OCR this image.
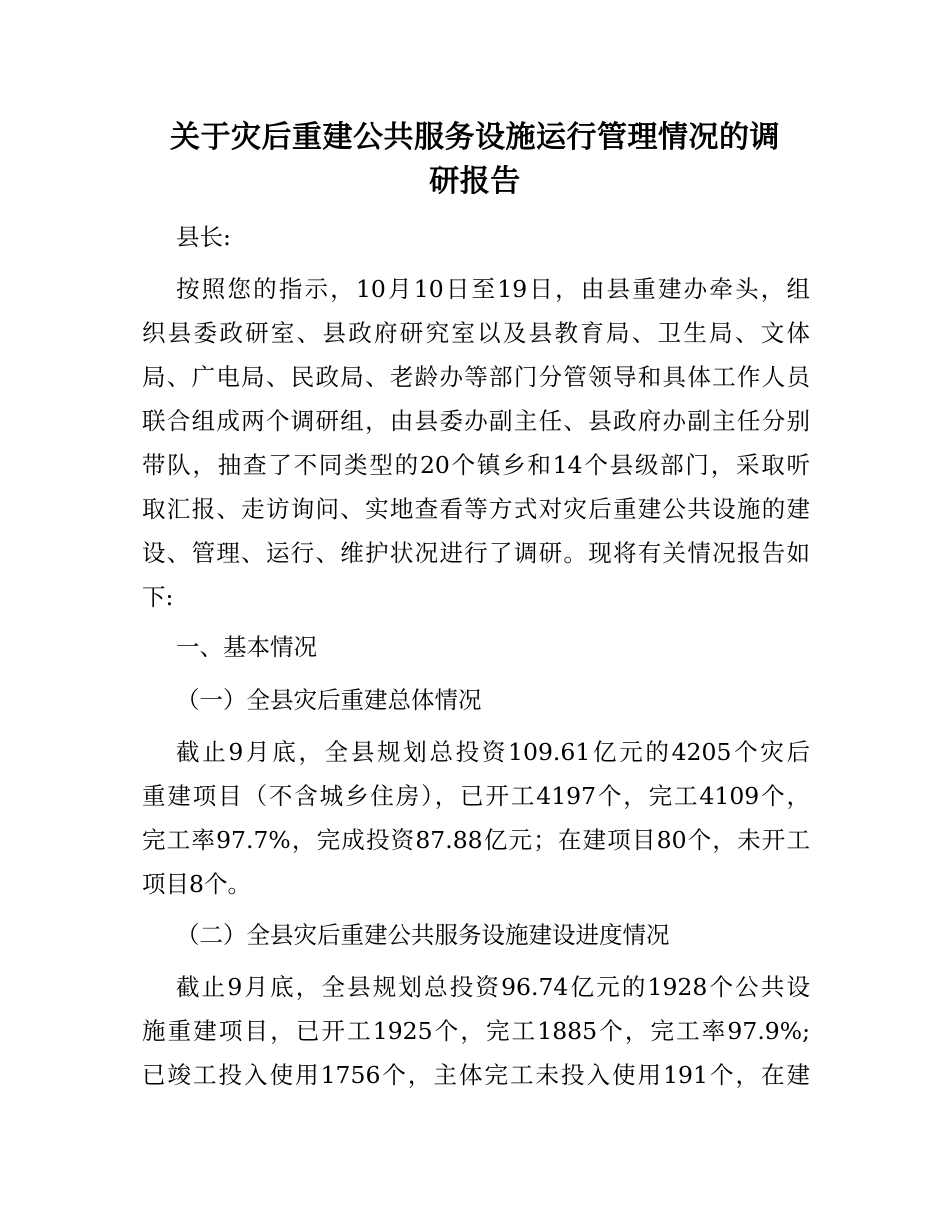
关于灾后重建公共服务设施运行管理情况的调
研报告

县长:

按照您的指示，10月10日至19日，由县重建办牵头，组

织县委政研室、县政府研究室以及县教育局、卫生局、文体

局、广电局、民政局、老龄办等部门分管领导和具体工作人员

联合组成两个调研组，由县委办副主任、县政府办副主任分别

带队，抽查了不同类型的20个镇乡和14个县级部门，采取听

取汇报、走访询问、实地查看等方式对灾后重建公共设施的建

设、管理、运行、维护状况进行了调研。现将有关情况报告如

下:

一、基本情况

（一）全县灾后重建总体情况

截止9月底，全县规划总投资109.61亿元的4205个灾后

重建项目（不含城乡住房），已开工4197个，完工4109个，

完工率97.7%，完成投资87.88亿元；在建项目80个，未开工

项目8个。

（二）全县灾后重建公共服务设施建设进度情况

截止9月底，全县规划总投资96.74亿元的1928个公共设

施重建项目，已开工1925个，完工1885个，完工率97.9%;

已竣工投入使用1756个，主体完工未投入使用191个，在建
